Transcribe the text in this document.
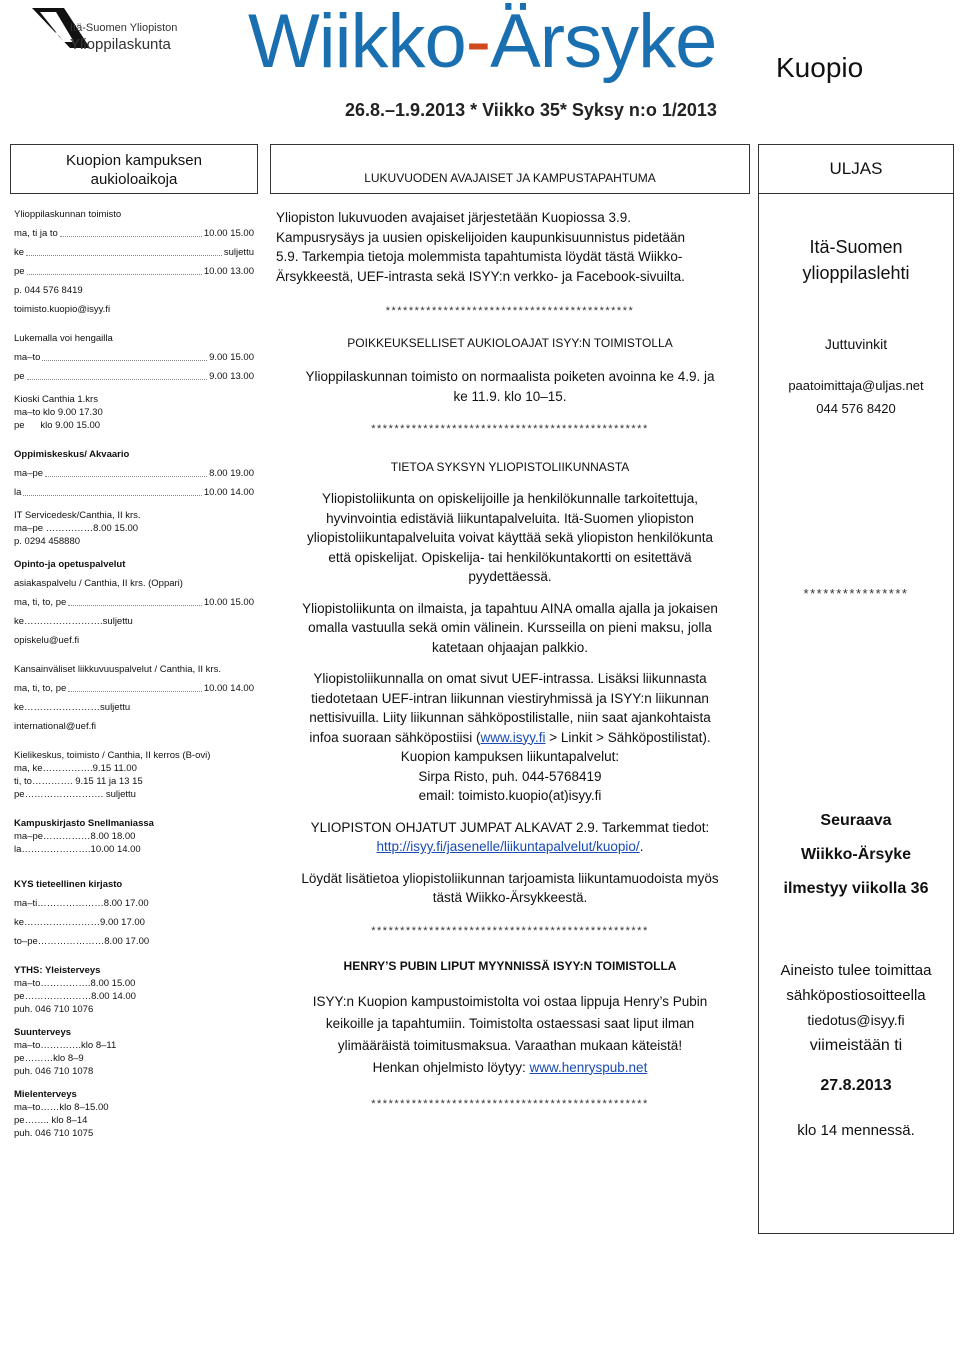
Itä-Suomen Yliopiston
Ylioppilaskunta Wiikko-Ärsyke Kuopio
26.8.–1.9.2013 * Viikko 35* Syksy n:o 1/2013
Kuopion kampuksen
aukioloaikoja
Ylioppilaskunnan toimisto
ma, ti ja to	10.00 15.00
ke	suljettu
pe	10.00 13.00
p. 044 576 8419
toimisto.kuopio@isyy.fi
Lukemalla voi hengailla
ma–to	9.00 15.00
pe	9.00 13.00
Kioski Canthia 1.krs
ma–to klo 9.00 17.30
pe      klo 9.00 15.00
Oppimiskeskus/ Akvaario
ma–pe	8.00 19.00
la	10.00 14.00
IT Servicedesk/Canthia, II krs.
ma–pe ……………8.00 15.00
p. 0294 458880
Opinto-ja opetuspalvelut
asiakaspalvelu / Canthia, II krs. (Oppari)
ma, ti, to, pe	10.00 15.00
ke…………………….suljettu
opiskelu@uef.fi
Kansainväliset liikkuvuuspalvelut / Canthia, II krs.
ma, ti, to, pe	10.00 14.00
ke……………………suljettu
international@uef.fi
Kielikeskus, toimisto / Canthia, II kerros (B-ovi)
ma, ke…………….9.15 11.00
ti, to…………. 9.15 11 ja 13 15
pe……………………. suljettu
Kampuskirjasto Snellmaniassa
ma–pe……………8.00 18.00
la………………….10.00 14.00
KYS tieteellinen kirjasto
ma–ti…………………8.00 17.00
ke……………………9.00 17.00
to–pe…………………8.00 17.00
YTHS: Yleisterveys
ma–to…………….8.00 15.00
pe…………………8.00 14.00
puh. 046 710 1076
Suunterveys
ma–to………….klo 8–11
pe………klo 8–9
puh. 046 710 1078
Mielenterveys
ma–to……klo 8–15.00
pe…….. klo 8–14
puh. 046 710 1075
LUKUVUODEN AVAJAISET JA KAMPUSTAPAHTUMA

Yliopiston lukuvuoden avajaiset järjestetään Kuopiossa 3.9.
Kampusrysäys ja uusien opiskelijoiden kaupunkisuunnistus pidetään
5.9. Tarkempia tietoja molemmista tapahtumista löydät tästä Wiikko-
Ärsykkeestä, UEF-intrasta sekä ISYY:n verkko- ja Facebook-sivuilta.

*******************************************

POIKKEUKSELLISET AUKIOLOAJAT ISYY:N TOIMISTOLLA

Ylioppilaskunnan toimisto on normaalista poiketen avoinna ke 4.9. ja
ke 11.9. klo 10–15.

************************************************

TIETOA SYKSYN YLIOPISTOLIIKUNNASTA

Yliopistoliikunta on opiskelijoille ja henkilökunnalle tarkoitettuja,
hyvinvointia edistäviä liikuntapalveluita. Itä-Suomen yliopiston
yliopistoliikuntapalveluita voivat käyttää sekä yliopiston henkilökunta
että opiskelijat. Opiskelija- tai henkilökuntakortti on esitettävä
pyydettäessä.

Yliopistoliikunta on ilmaista, ja tapahtuu AINA omalla ajalla ja jokaisen
omalla vastuulla sekä omin välinein. Kursseilla on pieni maksu, jolla
katetaan ohjaajan palkkio.

Yliopistoliikunnalla on omat sivut UEF-intrassa. Lisäksi liikunnasta
tiedotetaan UEF-intran liikunnan viestiryhmissä ja ISYY:n liikunnan
nettisivuilla. Liity liikunnan sähköpostilistalle, niin saat ajankohtaista
infoa suoraan sähköpostiisi (www.isyy.fi > Linkit > Sähköpostilistat).
Kuopion kampuksen liikuntapalvelut:
Sirpa Risto, puh. 044-5768419
email: toimisto.kuopio(at)isyy.fi

YLIOPISTON OHJATUT JUMPAT ALKAVAT 2.9. Tarkemmat tiedot:
http://isyy.fi/jasenelle/liikuntapalvelut/kuopio/.

Löydät lisätietoa yliopistoliikunnan tarjoamista liikuntamuodoista myös
tästä Wiikko-Ärsykkeestä.

************************************************

HENRY’S PUBIN LIPUT MYYNNISSÄ ISYY:N TOIMISTOLLA

ISYY:n Kuopion kampustoimistolta voi ostaa lippuja Henry’s Pubin
keikoille ja tapahtumiin. Toimistolta ostaessasi saat liput ilman
ylimääräistä toimitusmaksua. Varaathan mukaan käteistä!
Henkan ohjelmisto löytyy: www.henryspub.net

************************************************
ULJAS
Itä-Suomen
ylioppilaslehti
Juttuvinkit
paatoimittaja@uljas.net
044 576 8420
****************
Seuraava
Wiikko-Ärsyke
ilmestyy viikolla 36
Aineisto tulee toimittaa
sähköpostiosoitteella
tiedotus@isyy.fi
viimeistään ti
27.8.2013
klo 14 mennessä.
